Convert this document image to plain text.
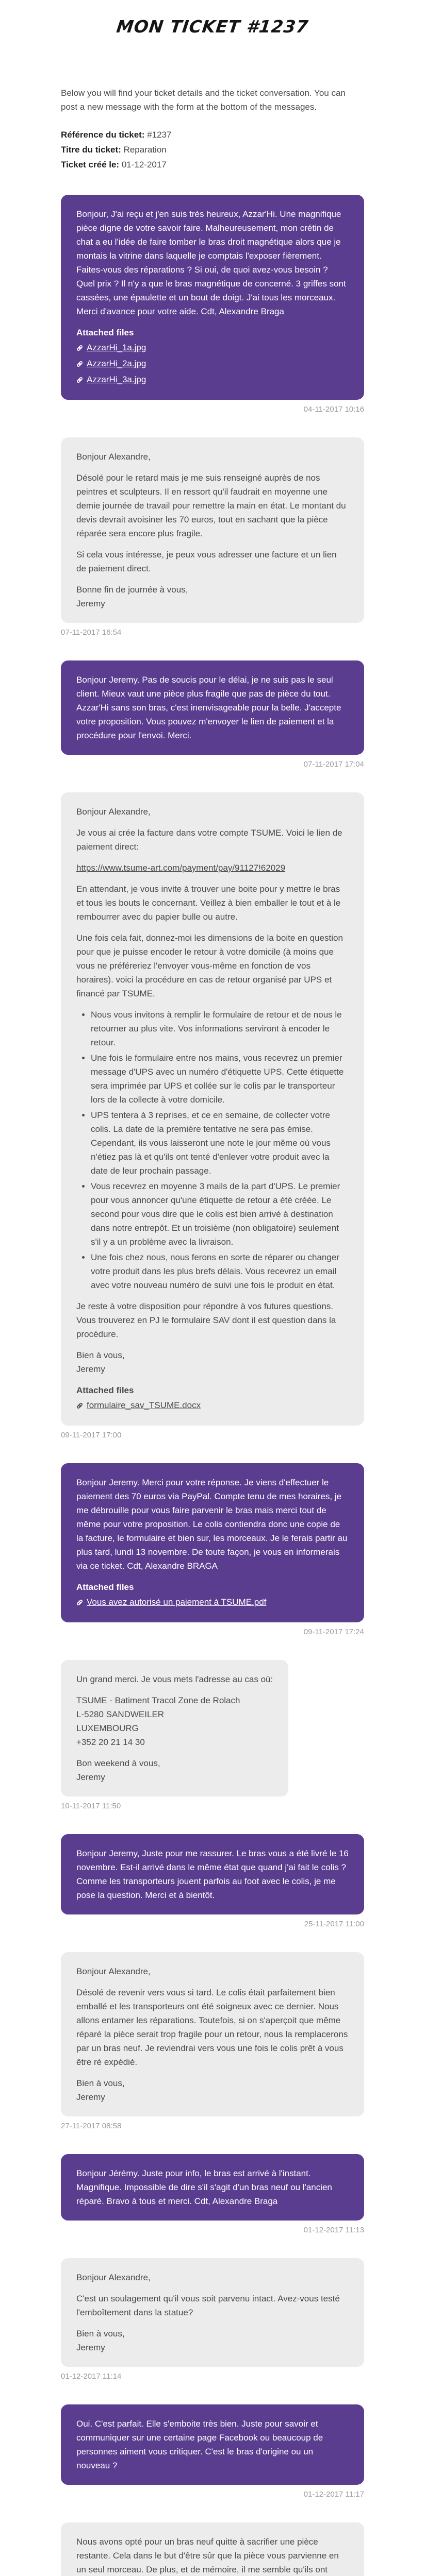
MON TICKET #1237

Below you will find your ticket details and the ticket conversation. You can post a new message with the form at the bottom of the messages.

Référence du ticket: #1237
Titre du ticket: Reparation
Ticket créé le: 01-12-2017

Bonjour, J'ai reçu et j'en suis très heureux, Azzar'Hi. Une magnifique pièce digne de votre savoir faire. Malheureusement, mon crétin de chat a eu l'idée de faire tomber le bras droit magnétique alors que je montais la vitrine dans laquelle je comptais l'exposer fièrement. Faites-vous des réparations ? Si oui, de quoi avez-vous besoin ? Quel prix ? Il n'y a que le bras magnétique de concerné. 3 griffes sont cassées, une épaulette et un bout de doigt. J'ai tous les morceaux. Merci d'avance pour votre aide. Cdt, Alexandre Braga

Attached files
AzzarHi_1a.jpg
AzzarHi_2a.jpg
AzzarHi_3a.jpg
04-11-2017 10:16

Bonjour Alexandre,

Désolé pour le retard mais je me suis renseigné auprès de nos peintres et sculpteurs. Il en ressort qu'il faudrait en moyenne une demie journée de travail pour remettre la main en état. Le montant du devis devrait avoisiner les 70 euros, tout en sachant que la pièce réparée sera encore plus fragile.

Si cela vous intéresse, je peux vous adresser une facture et un lien de paiement direct.

Bonne fin de journée à vous,
Jeremy

07-11-2017 16:54

Bonjour Jeremy. Pas de soucis pour le délai, je ne suis pas le seul client. Mieux vaut une pièce plus fragile que pas de pièce du tout. Azzar'Hi sans son bras, c'est inenvisageable pour la belle. J'accepte votre proposition. Vous pouvez m'envoyer le lien de paiement et la procédure pour l'envoi. Merci.

07-11-2017 17:04

Bonjour Alexandre,

Je vous ai crée la facture dans votre compte TSUME. Voici le lien de paiement direct:

https://www.tsume-art.com/payment/pay/91127!62029

En attendant, je vous invite à trouver une boite pour y mettre le bras et tous les bouts le concernant. Veillez à bien emballer le tout et à le rembourrer avec du papier bulle ou autre.

Une fois cela fait, donnez-moi les dimensions de la boite en question pour que je puisse encoder le retour à votre domicile (à moins que vous ne préféreriez l'envoyer vous-même en fonction de vos horaires). voici la procédure en cas de retour organisé par UPS et financé par TSUME.

• Nous vous invitons à remplir le formulaire de retour et de nous le retourner au plus vite. Vos informations serviront à encoder le retour.
• Une fois le formulaire entre nos mains, vous recevrez un premier message d'UPS avec un numéro d'étiquette UPS. Cette étiquette sera imprimée par UPS et collée sur le colis par le transporteur lors de la collecte à votre domicile.
• UPS tentera à 3 reprises, et ce en semaine, de collecter votre colis. La date de la première tentative ne sera pas émise. Cependant, ils vous laisseront une note le jour même où vous n'étiez pas là et qu'ils ont tenté d'enlever votre produit avec la date de leur prochain passage.
• Vous recevrez en moyenne 3 mails de la part d'UPS. Le premier pour vous annoncer qu'une étiquette de retour a été créée. Le second pour vous dire que le colis est bien arrivé à destination dans notre entrepôt. Et un troisième (non obligatoire) seulement s'il y a un problème avec la livraison.
• Une fois chez nous, nous ferons en sorte de réparer ou changer votre produit dans les plus brefs délais. Vous recevrez un email avec votre nouveau numéro de suivi une fois le produit en état.

Je reste à votre disposition pour répondre à vos futures questions. Vous trouverez en PJ le formulaire SAV dont il est question dans la procédure.

Bien à vous,
Jeremy

Attached files
formulaire_sav_TSUME.docx
09-11-2017 17:00

Bonjour Jeremy. Merci pour votre réponse. Je viens d'effectuer le paiement des 70 euros via PayPal. Compte tenu de mes horaires, je me débrouille pour vous faire parvenir le bras mais merci tout de même pour votre proposition. Le colis contiendra donc une copie de la facture, le formulaire et bien sur, les morceaux. Je le ferais partir au plus tard, lundi 13 novembre. De toute façon, je vous en informerais via ce ticket. Cdt, Alexandre BRAGA

Attached files
Vous avez autorisé un paiement à TSUME.pdf
09-11-2017 17:24

Un grand merci. Je vous mets l'adresse au cas où:

TSUME - Batiment Tracol Zone de Rolach
L-5280 SANDWEILER
LUXEMBOURG
+352 20 21 14 30

Bon weekend à vous,
Jeremy

10-11-2017 11:50

Bonjour Jeremy, Juste pour me rassurer. Le bras vous a été livré le 16 novembre. Est-il arrivé dans le même état que quand j'ai fait le colis ? Comme les transporteurs jouent parfois au foot avec le colis, je me pose la question. Merci et à bientôt.

25-11-2017 11:00

Bonjour Alexandre,

Désolé de revenir vers vous si tard. Le colis était parfaitement bien emballé et les transporteurs ont été soigneux avec ce dernier. Nous allons entamer les réparations. Toutefois, si on s'aperçoit que même réparé la pièce serait trop fragile pour un retour, nous la remplacerons par un bras neuf. Je reviendrai vers vous une fois le colis prêt à vous être ré expédié.

Bien à vous,
Jeremy

27-11-2017 08:58

Bonjour Jérémy. Juste pour info, le bras est arrivé à l'instant. Magnifique. Impossible de dire s'il s'agit d'un bras neuf ou l'ancien réparé. Bravo à tous et merci. Cdt, Alexandre Braga

01-12-2017 11:13

Bonjour Alexandre,

C'est un soulagement qu'il vous soit parvenu intact. Avez-vous testé l'emboîtement dans la statue?

Bien à vous,
Jeremy

01-12-2017 11:14

Oui. C'est parfait. Elle s'emboite très bien. Juste pour savoir et communiquer sur une certaine page Facebook ou beaucoup de personnes aiment vous critiquer. C'est le bras d'origine ou un nouveau ?

01-12-2017 11:17

Nous avons opté pour un bras neuf quitte à sacrifier une pièce restante. Cela dans le but d'être sûr que la pièce vous parvienne en un seul morceau. De plus, et de mémoire, il me semble qu'ils ont
